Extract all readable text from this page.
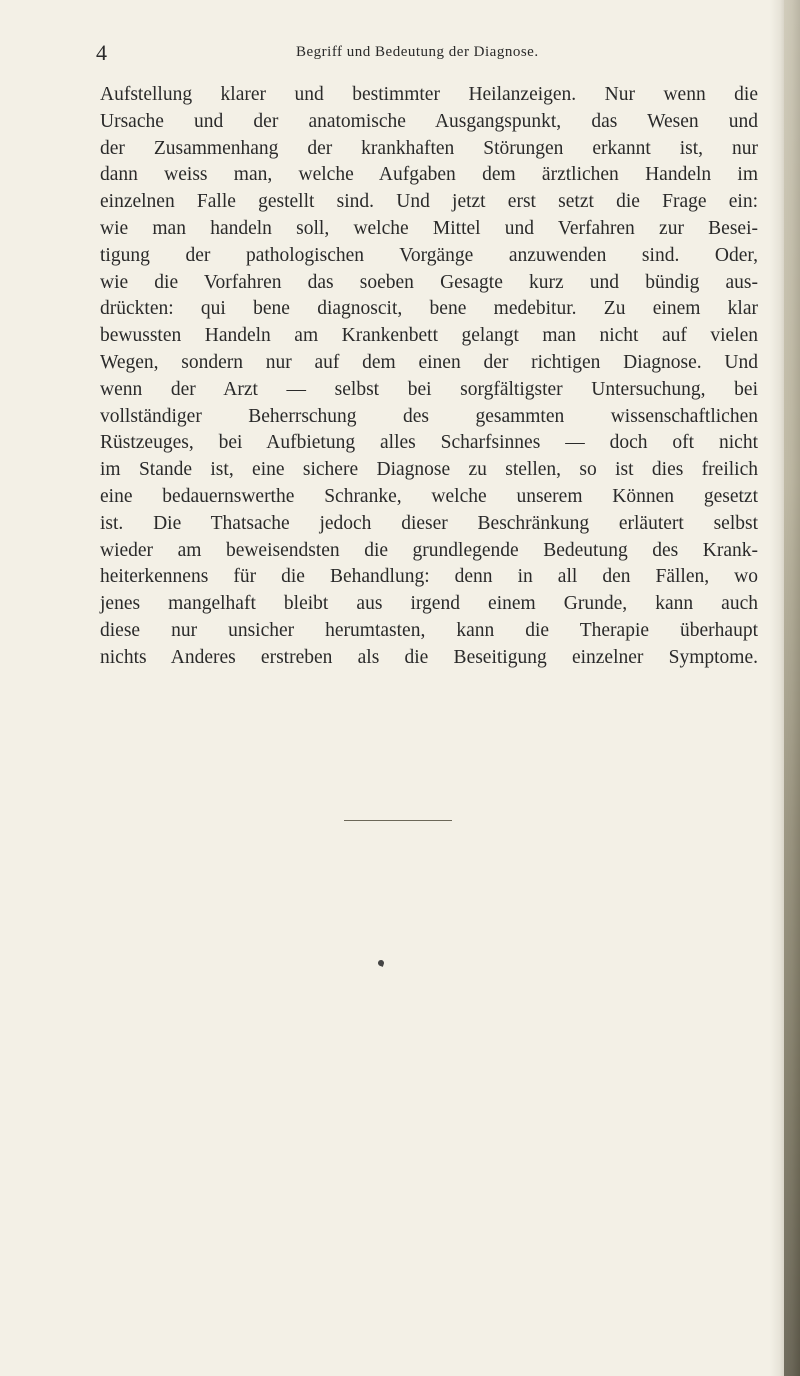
4	Begriff und Bedeutung der Diagnose.
Aufstellung klarer und bestimmter Heilanzeigen. Nur wenn die
Ursache und der anatomische Ausgangspunkt, das Wesen und
der Zusammenhang der krankhaften Störungen erkannt ist, nur
dann weiss man, welche Aufgaben dem ärztlichen Handeln im
einzelnen Falle gestellt sind. Und jetzt erst setzt die Frage ein:
wie man handeln soll, welche Mittel und Verfahren zur Besei-
tigung der pathologischen Vorgänge anzuwenden sind. Oder,
wie die Vorfahren das soeben Gesagte kurz und bündig aus-
drückten: qui bene diagnoscit, bene medebitur. Zu einem klar
bewussten Handeln am Krankenbett gelangt man nicht auf vielen
Wegen, sondern nur auf dem einen der richtigen Diagnose. Und
wenn der Arzt — selbst bei sorgfältigster Untersuchung, bei
vollständiger Beherrschung des gesammten wissenschaftlichen
Rüstzeuges, bei Aufbietung alles Scharfsinnes — doch oft nicht
im Stande ist, eine sichere Diagnose zu stellen, so ist dies freilich
eine bedauernswerthe Schranke, welche unserem Können gesetzt
ist. Die Thatsache jedoch dieser Beschränkung erläutert selbst
wieder am beweisendsten die grundlegende Bedeutung des Krank-
heiterkennens für die Behandlung: denn in all den Fällen, wo
jenes mangelhaft bleibt aus irgend einem Grunde, kann auch
diese nur unsicher herumtasten, kann die Therapie überhaupt
nichts Anderes erstreben als die Beseitigung einzelner Symptome.
